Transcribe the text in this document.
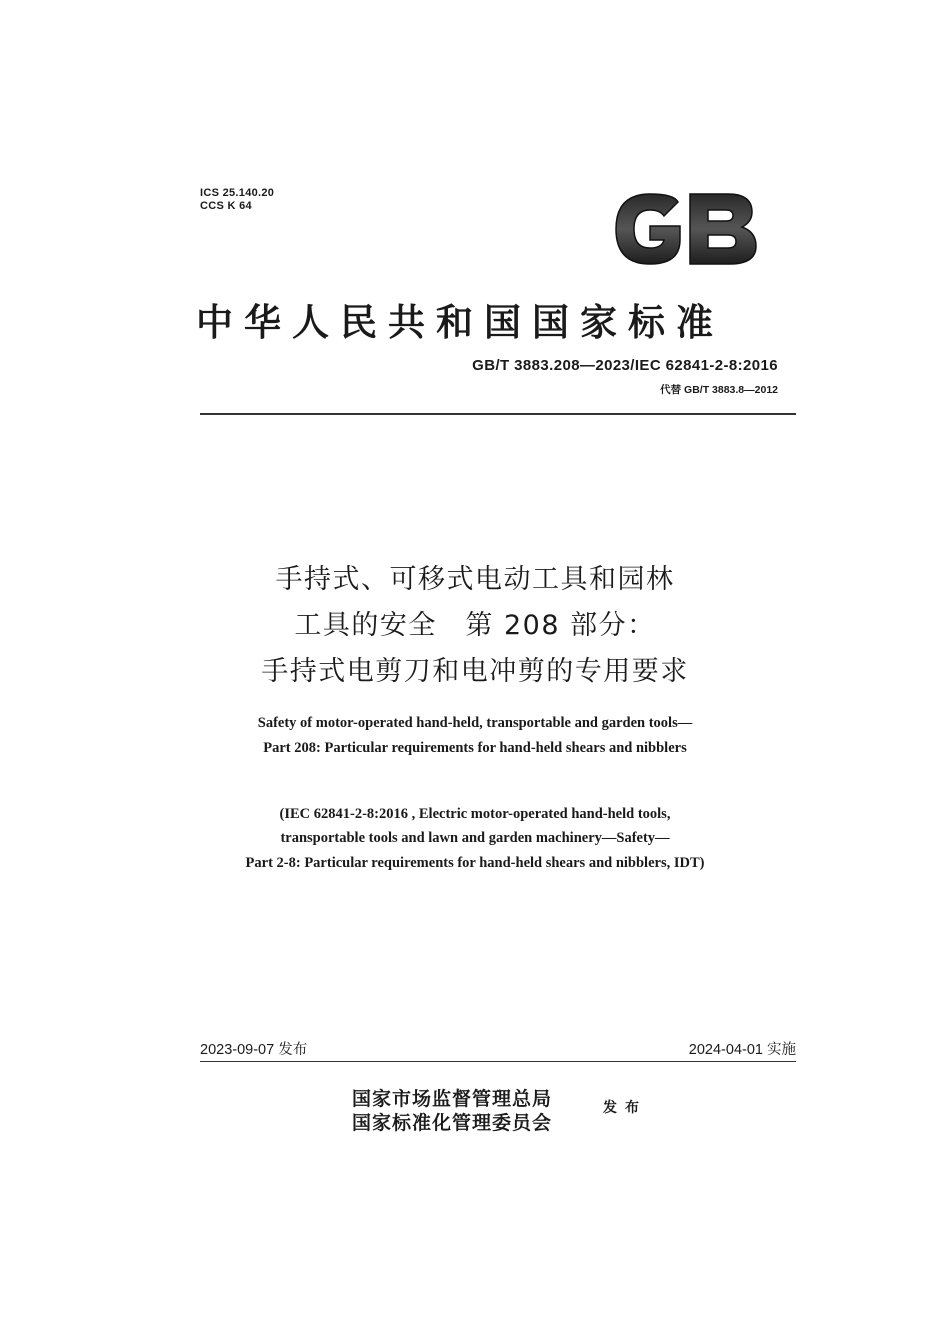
ICS 25.140.20
CCS K 64
中华人民共和国国家标准
GB/T 3883.208—2023/IEC 62841-2-8:2016
代替 GB/T 3883.8—2012
手持式、可移式电动工具和园林
工具的安全　第 208 部分：
手持式电剪刀和电冲剪的专用要求
Safety of motor-operated hand-held, transportable and garden tools—
Part 208: Particular requirements for hand-held shears and nibblers
(IEC 62841-2-8:2016 , Electric motor-operated hand-held tools,
transportable tools and lawn and garden machinery—Safety—
Part 2-8: Particular requirements for hand-held shears and nibblers, IDT)
2023-09-07 发布	2024-04-01 实施
国家市场监督管理总局
国家标准化管理委员会
发布
